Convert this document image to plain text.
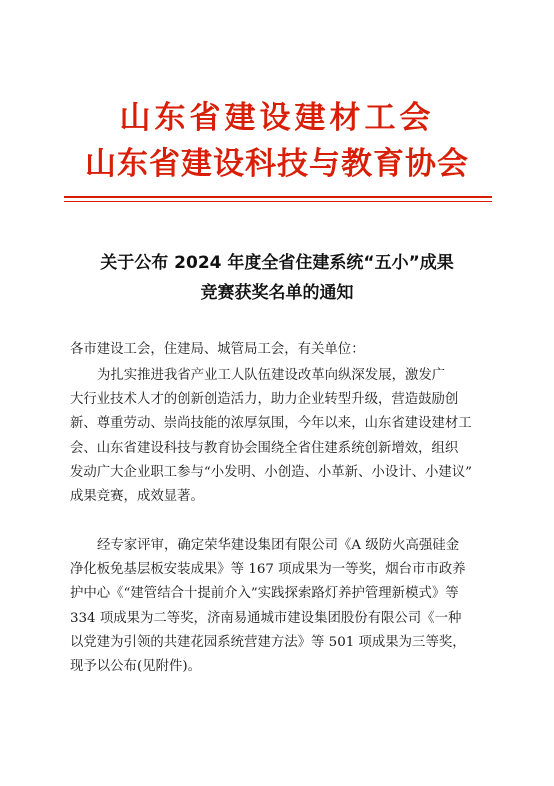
山东省建设建材工会
山东省建设科技与教育协会
关于公布 2024 年度全省住建系统“五小”成果
竞赛获奖名单的通知
各市建设工会，住建局、城管局工会，有关单位：
为扎实推进我省产业工人队伍建设改革向纵深发展，激发广
大行业技术人才的创新创造活力，助力企业转型升级，营造鼓励创
新、尊重劳动、崇尚技能的浓厚氛围，今年以来，山东省建设建材工
会、山东省建设科技与教育协会围绕全省住建系统创新增效，组织
发动广大企业职工参与“小发明、小创造、小革新、小设计、小建议”
成果竞赛，成效显著。
经专家评审，确定荣华建设集团有限公司《A 级防火高强硅金
净化板免基层板安装成果》等 167 项成果为一等奖，烟台市市政养
护中心《“建管结合十提前介入”实践探索路灯养护管理新模式》等
334 项成果为二等奖，济南易通城市建设集团股份有限公司《一种
以党建为引领的共建花园系统营建方法》等 501 项成果为三等奖，
现予以公布(见附件)。
